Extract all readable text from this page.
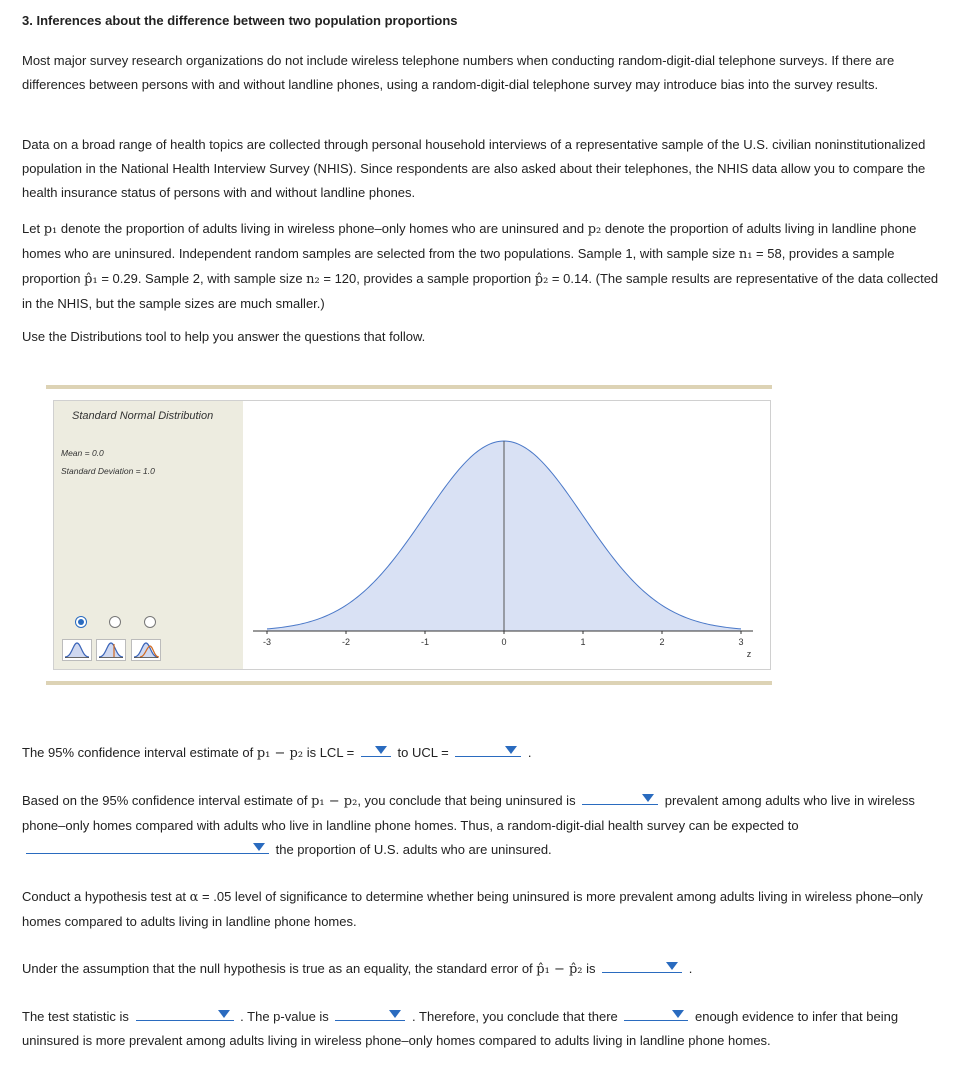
3. Inferences about the difference between two population proportions

Most major survey research organizations do not include wireless telephone numbers when conducting random-digit-dial telephone surveys. If there are differences between persons with and without landline phones, using a random-digit-dial telephone survey may introduce bias into the survey results.

Data on a broad range of health topics are collected through personal household interviews of a representative sample of the U.S. civilian noninstitutionalized population in the National Health Interview Survey (NHIS). Since respondents are also asked about their telephones, the NHIS data allow you to compare the health insurance status of persons with and without landline phones.

Let p₁ denote the proportion of adults living in wireless phone–only homes who are uninsured and p₂ denote the proportion of adults living in landline phone homes who are uninsured. Independent random samples are selected from the two populations. Sample 1, with sample size n₁ = 58, provides a sample proportion p̂₁ = 0.29. Sample 2, with sample size n₂ = 120, provides a sample proportion p̂₂ = 0.14. (The sample results are representative of the data collected in the NHIS, but the sample sizes are much smaller.)

Use the Distributions tool to help you answer the questions that follow.

Standard Normal Distribution
Mean = 0.0
Standard Deviation = 1.0
-3	-2	-1	0	1	2	3
z

The 95% confidence interval estimate of p₁ − p₂ is LCL =	to UCL =	.

Based on the 95% confidence interval estimate of p₁ − p₂, you conclude that being uninsured is	prevalent among adults who live in wireless phone–only homes compared with adults who live in landline phone homes. Thus, a random-digit-dial health survey can be expected to
the proportion of U.S. adults who are uninsured.

Conduct a hypothesis test at α = .05 level of significance to determine whether being uninsured is more prevalent among adults living in wireless phone–only homes compared to adults living in landline phone homes.

Under the assumption that the null hypothesis is true as an equality, the standard error of p̂₁ − p̂₂ is	.

The test statistic is	. The p-value is	. Therefore, you conclude that there	enough evidence to infer that being uninsured is more prevalent among adults living in wireless phone–only homes compared to adults living in landline phone homes.
